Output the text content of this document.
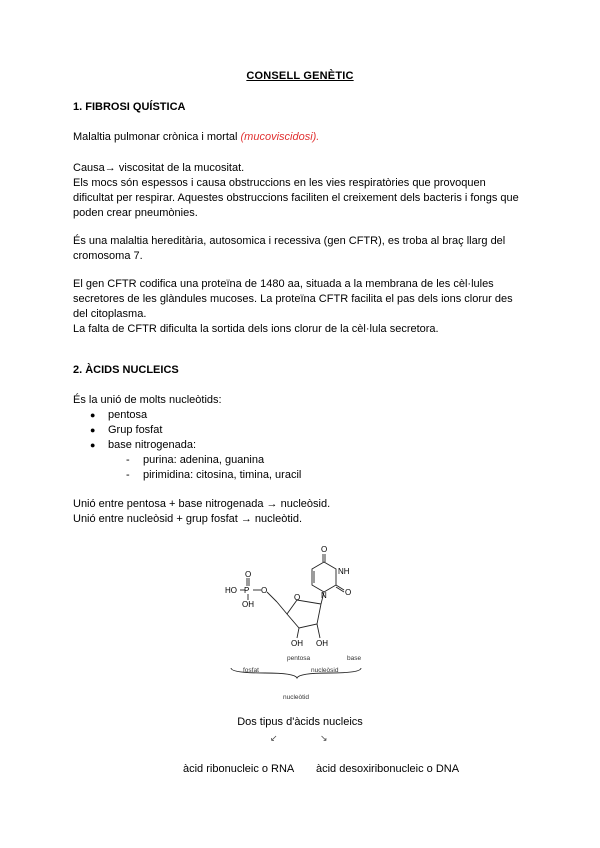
CONSELL GENÈTIC
1. FIBROSI QUÍSTICA
Malaltia pulmonar crònica i mortal (mucoviscidosi).
Causa→ viscositat de la mucositat.
Els mocs són espessos i causa obstruccions en les vies respiratòries que provoquen
dificultat per respirar. Aquestes obstruccions faciliten el creixement dels bacteris i fongs que
poden crear pneumònies.
És una malaltia hereditària, autosomica i recessiva (gen CFTR), es troba al braç llarg del
cromosoma 7.
El gen CFTR codifica una proteïna de 1480 aa, situada a la membrana de les cèl·lules
secretores de les glàndules mucoses. La proteïna CFTR facilita el pas dels ions clorur des
del citoplasma.
La falta de CFTR dificulta la sortida dels ions clorur de la cèl·lula secretora.
2. ÀCIDS NUCLEICS
És la unió de molts nucleòtids:
● pentosa
● Grup fosfat
● base nitrogenada:
- purina: adenina, guanina
- pirimidina: citosina, timina, uracil
Unió entre pentosa + base nitrogenada → nucleòsid.
Unió entre nucleòsid + grup fosfat → nucleòtid.
O
NH
N O
O
HO P
O
OH
O
OH OH
pentosa	base
fosfat	nucleòsid
nucleòtid
Dos tipus d'àcids nucleics
↙	↘
àcid ribonucleic o RNA àcid desoxiribonucleic o DNA
